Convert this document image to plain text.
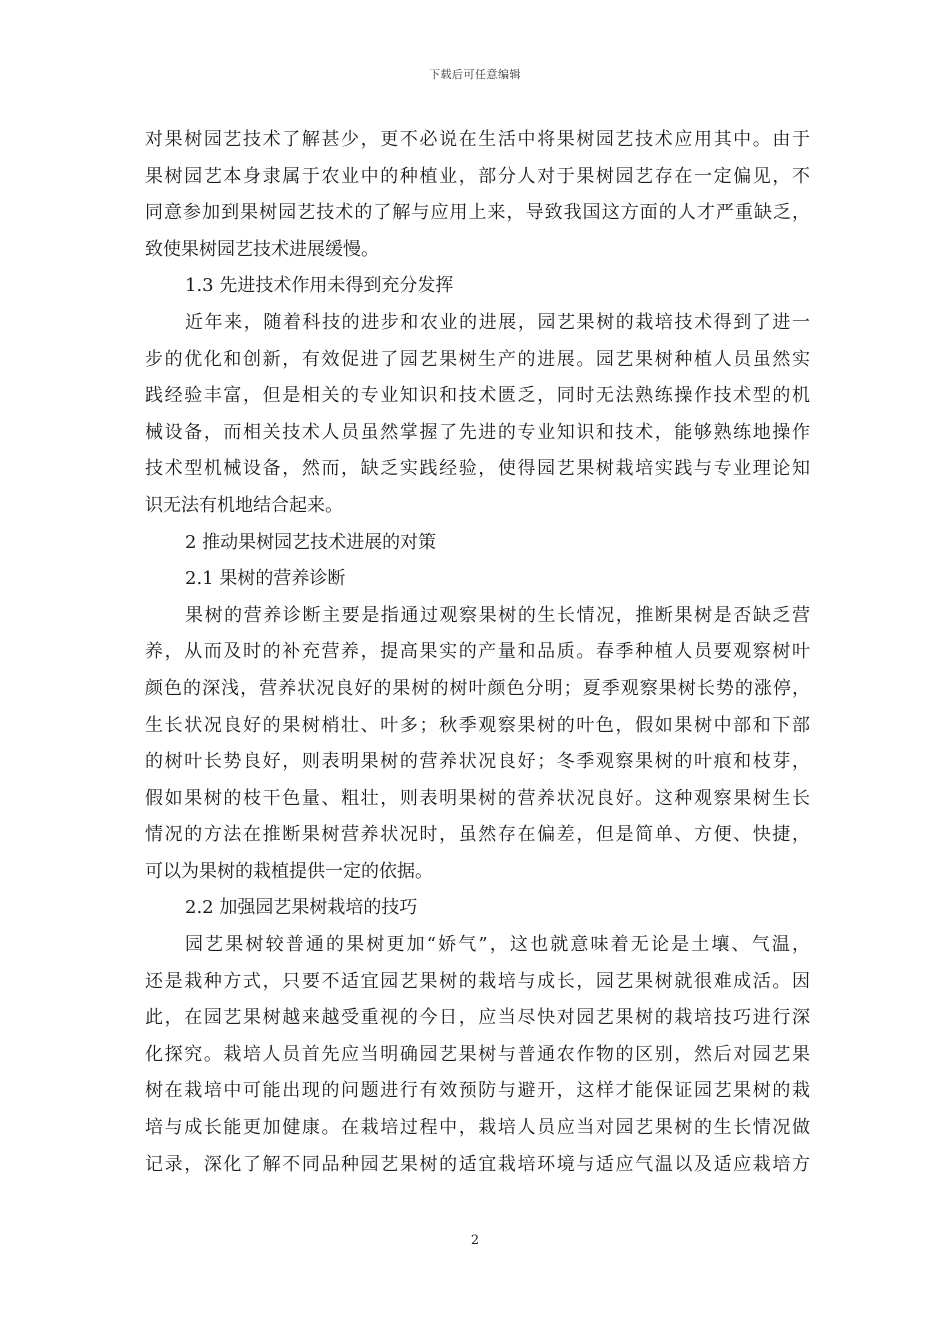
下载后可任意编辑
对果树园艺技术了解甚少，更不必说在生活中将果树园艺技术应用其中。由于
果树园艺本身隶属于农业中的种植业，部分人对于果树园艺存在一定偏见，不
同意参加到果树园艺技术的了解与应用上来，导致我国这方面的人才严重缺乏，
致使果树园艺技术进展缓慢。
1.3 先进技术作用未得到充分发挥
近年来，随着科技的进步和农业的进展，园艺果树的栽培技术得到了进一
步的优化和创新，有效促进了园艺果树生产的进展。园艺果树种植人员虽然实
践经验丰富，但是相关的专业知识和技术匮乏，同时无法熟练操作技术型的机
械设备，而相关技术人员虽然掌握了先进的专业知识和技术，能够熟练地操作
技术型机械设备，然而，缺乏实践经验，使得园艺果树栽培实践与专业理论知
识无法有机地结合起来。
2 推动果树园艺技术进展的对策
2.1 果树的营养诊断
果树的营养诊断主要是指通过观察果树的生长情况，推断果树是否缺乏营
养，从而及时的补充营养，提高果实的产量和品质。春季种植人员要观察树叶
颜色的深浅，营养状况良好的果树的树叶颜色分明；夏季观察果树长势的涨停，
生长状况良好的果树梢壮、叶多；秋季观察果树的叶色，假如果树中部和下部
的树叶长势良好，则表明果树的营养状况良好；冬季观察果树的叶痕和枝芽，
假如果树的枝干色量、粗壮，则表明果树的营养状况良好。这种观察果树生长
情况的方法在推断果树营养状况时，虽然存在偏差，但是简单、方便、快捷，
可以为果树的栽植提供一定的依据。
2.2 加强园艺果树栽培的技巧
园艺果树较普通的果树更加“娇气”，这也就意味着无论是土壤、气温，
还是栽种方式，只要不适宜园艺果树的栽培与成长，园艺果树就很难成活。因
此，在园艺果树越来越受重视的今日，应当尽快对园艺果树的栽培技巧进行深
化探究。栽培人员首先应当明确园艺果树与普通农作物的区别，然后对园艺果
树在栽培中可能出现的问题进行有效预防与避开，这样才能保证园艺果树的栽
培与成长能更加健康。在栽培过程中，栽培人员应当对园艺果树的生长情况做
记录，深化了解不同品种园艺果树的适宜栽培环境与适应气温以及适应栽培方
2
